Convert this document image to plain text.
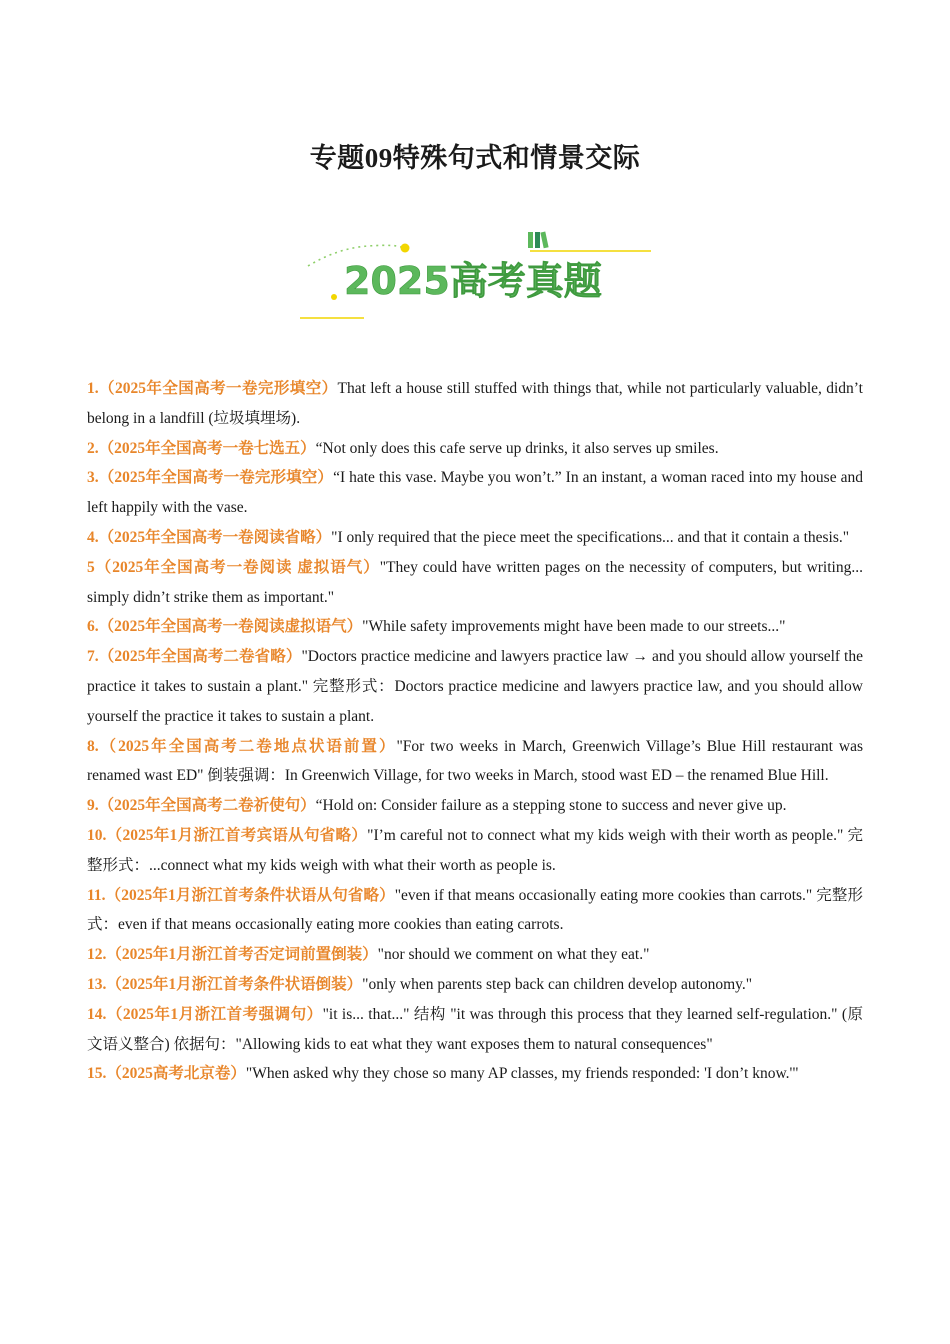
专题09特殊句式和情景交际
2025高考真题

1.（2025年全国高考一卷完形填空）That left a house still stuffed with things that, while not particularly valuable, didn’t belong in a landfill (垃圾填埋场).

2.（2025年全国高考一卷七选五）“Not only does this cafe serve up drinks, it also serves up smiles.

3.（2025年全国高考一卷完形填空）“I hate this vase. Maybe you won’t.” In an instant, a woman raced into my house and left happily with the vase.

4.（2025年全国高考一卷阅读省略）"I only required that the piece meet the specifications... and that it contain a thesis."

5（2025年全国高考一卷阅读 虚拟语气）"They could have written pages on the necessity of computers, but writing... simply didn’t strike them as important."

6.（2025年全国高考一卷阅读虚拟语气）"While safety improvements might have been made to our streets..."

7.（2025年全国高考二卷省略）"Doctors practice medicine and lawyers practice law → and you should allow yourself the practice it takes to sustain a plant." 完整形式：Doctors practice medicine and lawyers practice law, and you should allow yourself the practice it takes to sustain a plant.

8.（2025年全国高考二卷地点状语前置）"For two weeks in March, Greenwich Village’s Blue Hill restaurant was renamed wast ED" 倒装强调：In Greenwich Village, for two weeks in March, stood wast ED – the renamed Blue Hill.

9.（2025年全国高考二卷祈使句）“Hold on: Consider failure as a stepping stone to success and never give up.

10.（2025年1月浙江首考宾语从句省略）"I’m careful not to connect what my kids weigh with their worth as people." 完整形式：...connect what my kids weigh with what their worth as people is.

11.（2025年1月浙江首考条件状语从句省略）"even if that means occasionally eating more cookies than carrots." 完整形式：even if that means occasionally eating more cookies than eating carrots.

12.（2025年1月浙江首考否定词前置倒装）"nor should we comment on what they eat."

13.（2025年1月浙江首考条件状语倒装）"only when parents step back can children develop autonomy."

14.（2025年1月浙江首考强调句）"it is... that..." 结构 "it was through this process that they learned self-regulation." (原文语义整合) 依据句："Allowing kids to eat what they want exposes them to natural consequences"

15.（2025高考北京卷）"When asked why they chose so many AP classes, my friends responded: 'I don’t know.'"
